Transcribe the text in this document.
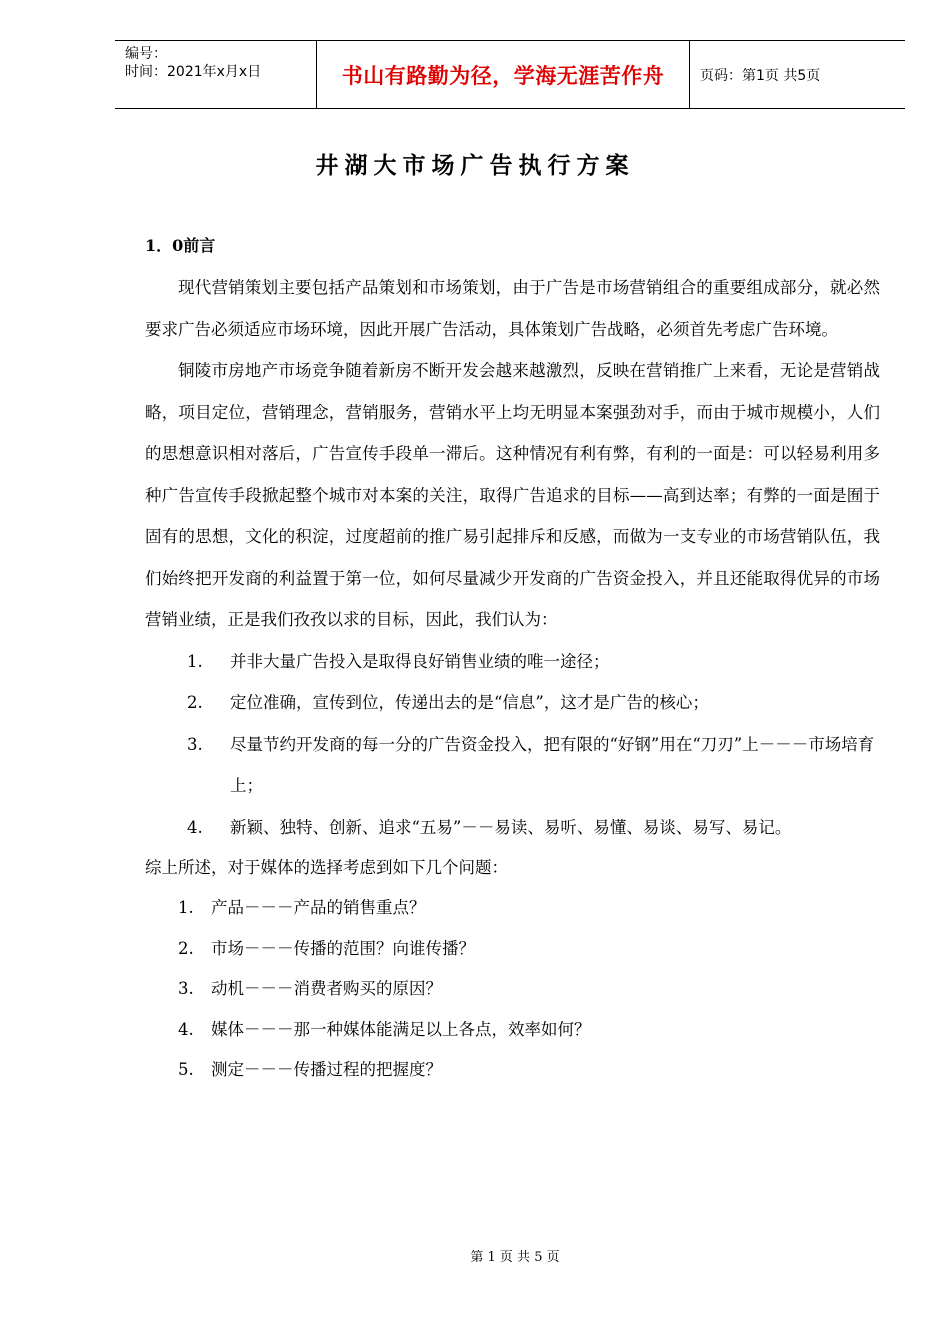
编号：
时间：2021年x月x日	书山有路勤为径，学海无涯苦作舟	页码：第1页 共5页
井湖大市场广告执行方案
1．0前言

现代营销策划主要包括产品策划和市场策划，由于广告是市场营销组合的重要组成部分，就必然要求广告必须适应市场环境，因此开展广告活动，具体策划广告战略，必须首先考虑广告环境。

铜陵市房地产市场竞争随着新房不断开发会越来越激烈，反映在营销推广上来看，无论是营销战略，项目定位，营销理念，营销服务，营销水平上均无明显本案强劲对手，而由于城市规模小，人们的思想意识相对落后，广告宣传手段单一滞后。这种情况有利有弊，有利的一面是：可以轻易利用多种广告宣传手段掀起整个城市对本案的关注，取得广告追求的目标——高到达率；有弊的一面是囿于固有的思想，文化的积淀，过度超前的推广易引起排斥和反感，而做为一支专业的市场营销队伍，我们始终把开发商的利益置于第一位，如何尽量减少开发商的广告资金投入，并且还能取得优异的市场营销业绩，正是我们孜孜以求的目标，因此，我们认为：

1.	并非大量广告投入是取得良好销售业绩的唯一途径；
2.	定位准确，宣传到位，传递出去的是“信息”，这才是广告的核心；
3.	尽量节约开发商的每一分的广告资金投入，把有限的“好钢”用在“刀刃”上－－－市场培育上；
4.	新颖、独特、创新、追求“五易”－－易读、易听、易懂、易谈、易写、易记。

综上所述，对于媒体的选择考虑到如下几个问题：

1.	产品－－－产品的销售重点？
2.	市场－－－传播的范围？向谁传播？
3.	动机－－－消费者购买的原因？
4.	媒体－－－那一种媒体能满足以上各点，效率如何？
5.	测定－－－传播过程的把握度？
第 1 页 共 5 页
